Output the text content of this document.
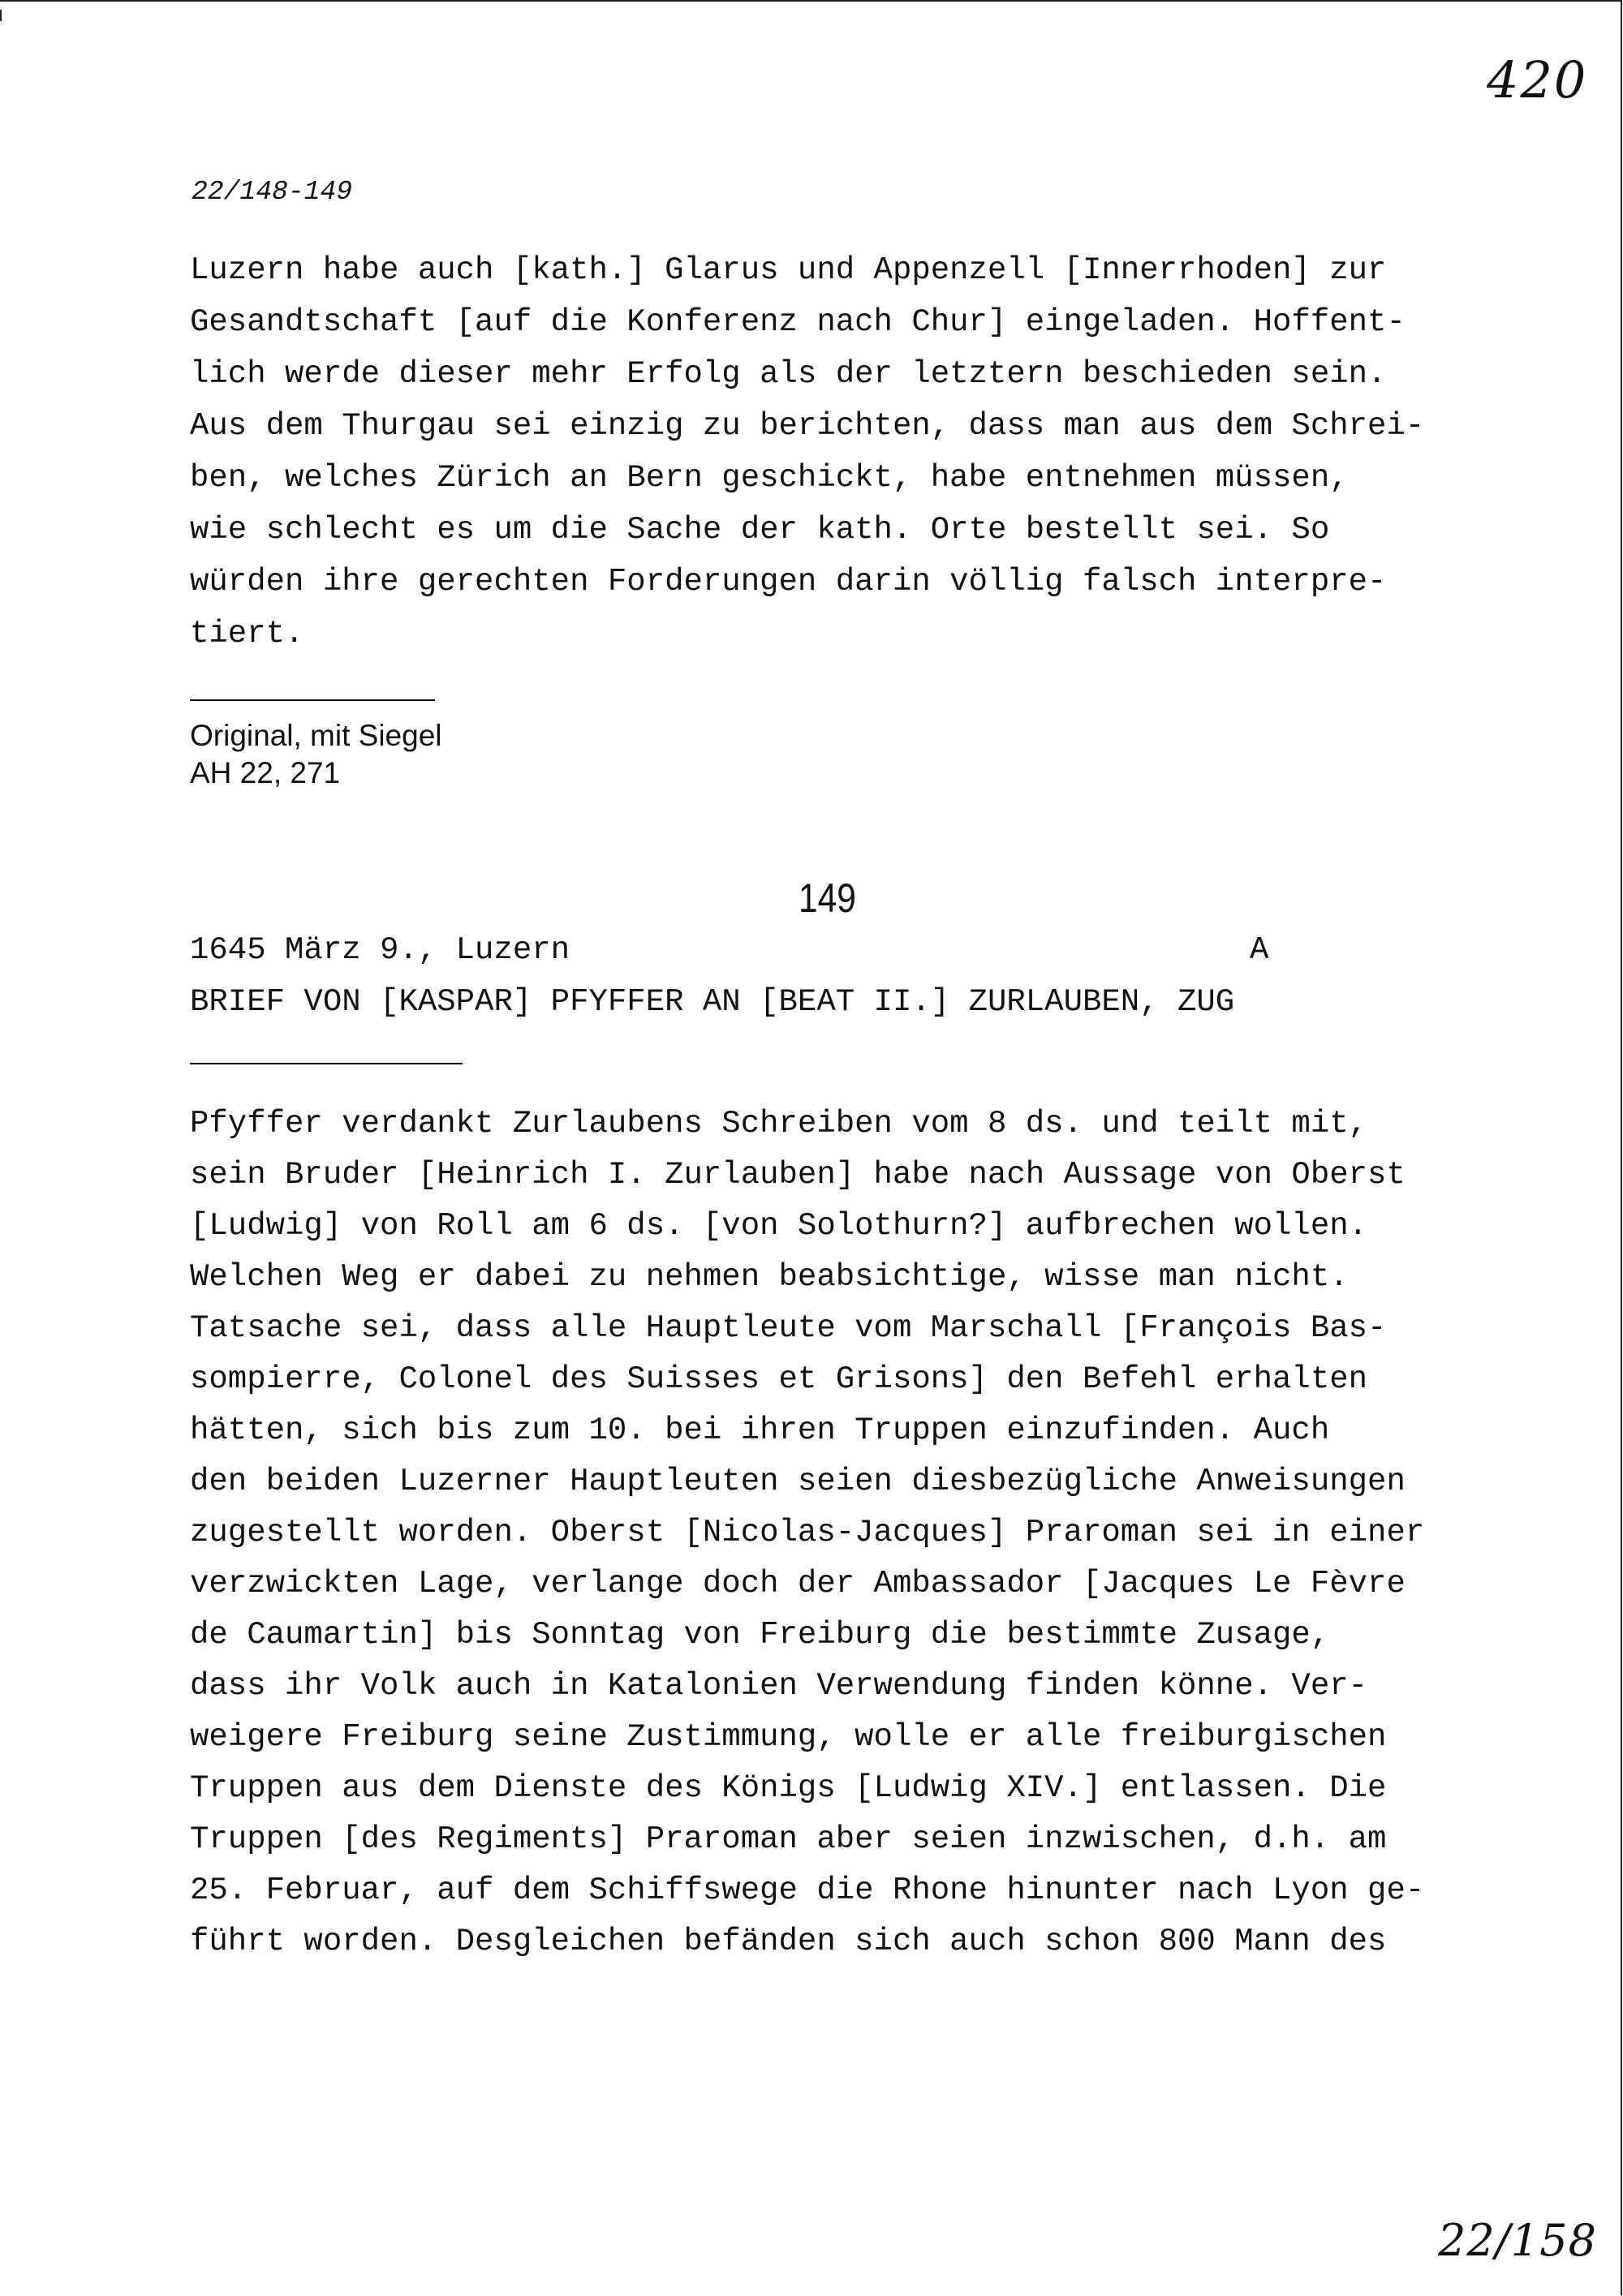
420
22/148-149
Luzern habe auch [kath.] Glarus und Appenzell [Innerrhoden] zur
Gesandtschaft [auf die Konferenz nach Chur] eingeladen. Hoffent-
lich werde dieser mehr Erfolg als der letztern beschieden sein.
Aus dem Thurgau sei einzig zu berichten, dass man aus dem Schrei-
ben, welches Zürich an Bern geschickt, habe entnehmen müssen,
wie schlecht es um die Sache der kath. Orte bestellt sei. So
würden ihre gerechten Forderungen darin völlig falsch interpre-
tiert.
Original, mit Siegel
AH 22, 271
149
1645 März 9., Luzern	A
BRIEF VON [KASPAR] PFYFFER AN [BEAT II.] ZURLAUBEN, ZUG
Pfyffer verdankt Zurlaubens Schreiben vom 8 ds. und teilt mit,
sein Bruder [Heinrich I. Zurlauben] habe nach Aussage von Oberst
[Ludwig] von Roll am 6 ds. [von Solothurn?] aufbrechen wollen.
Welchen Weg er dabei zu nehmen beabsichtige, wisse man nicht.
Tatsache sei, dass alle Hauptleute vom Marschall [François Bas-
sompierre, Colonel des Suisses et Grisons] den Befehl erhalten
hätten, sich bis zum 10. bei ihren Truppen einzufinden. Auch
den beiden Luzerner Hauptleuten seien diesbezügliche Anweisungen
zugestellt worden. Oberst [Nicolas-Jacques] Praroman sei in einer
verzwickten Lage, verlange doch der Ambassador [Jacques Le Fèvre
de Caumartin] bis Sonntag von Freiburg die bestimmte Zusage,
dass ihr Volk auch in Katalonien Verwendung finden könne. Ver-
weigere Freiburg seine Zustimmung, wolle er alle freiburgischen
Truppen aus dem Dienste des Königs [Ludwig XIV.] entlassen. Die
Truppen [des Regiments] Praroman aber seien inzwischen, d.h. am
25. Februar, auf dem Schiffswege die Rhone hinunter nach Lyon ge-
führt worden. Desgleichen befänden sich auch schon 800 Mann des
22/158
